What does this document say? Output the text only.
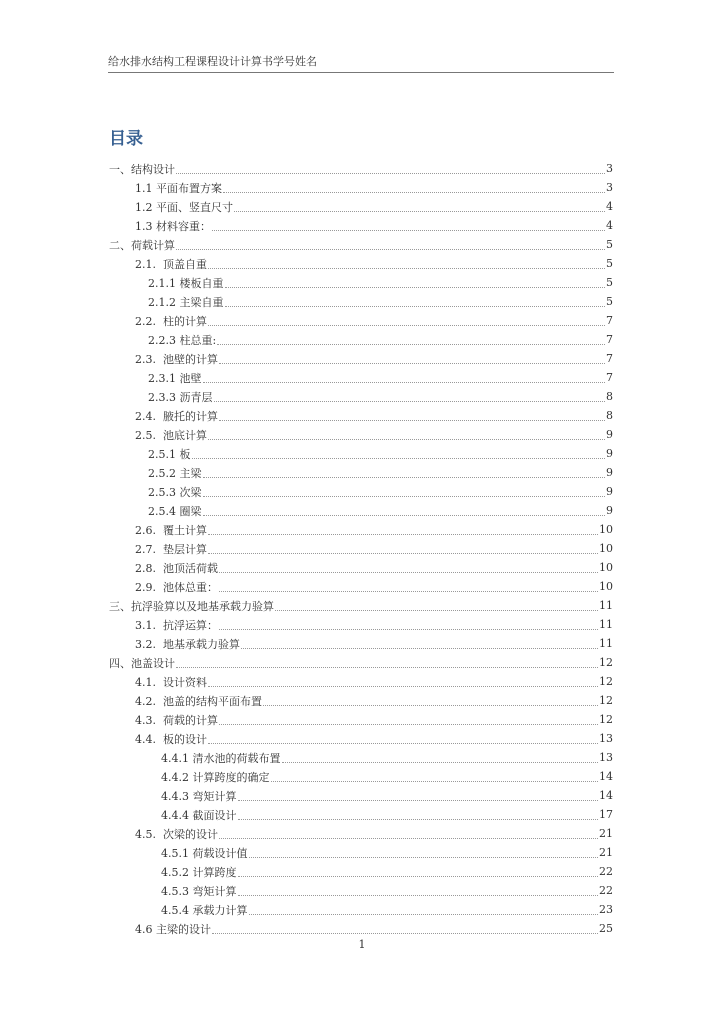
给水排水结构工程课程设计计算书学号姓名
目录
一、结构设计	3
1.1 平面布置方案	3
1.2 平面、竖直尺寸	4
1.3 材料容重：	4
二、荷载计算	5
2.1.  顶盖自重	5
2.1.1 楼板自重	5
2.1.2 主梁自重	5
2.2.  柱的计算	7
2.2.3 柱总重:	7
2.3.  池壁的计算	7
2.3.1 池壁	7
2.3.3 沥青层	8
2.4.  腋托的计算	8
2.5.  池底计算	9
2.5.1 板	9
2.5.2 主梁	9
2.5.3 次梁	9
2.5.4 圈梁	9
2.6.  覆土计算	10
2.7.  垫层计算	10
2.8.  池顶活荷载	10
2.9.  池体总重：	10
三、抗浮验算以及地基承载力验算	11
3.1.  抗浮运算：	11
3.2.  地基承载力验算	11
四、池盖设计	12
4.1.  设计资料	12
4.2.  池盖的结构平面布置	12
4.3.  荷载的计算	12
4.4.  板的设计	13
4.4.1 清水池的荷载布置	13
4.4.2 计算跨度的确定	14
4.4.3 弯矩计算	14
4.4.4 截面设计	17
4.5.  次梁的设计	21
4.5.1 荷载设计值	21
4.5.2 计算跨度	22
4.5.3 弯矩计算	22
4.5.4 承载力计算	23
4.6 主梁的设计	25
1
